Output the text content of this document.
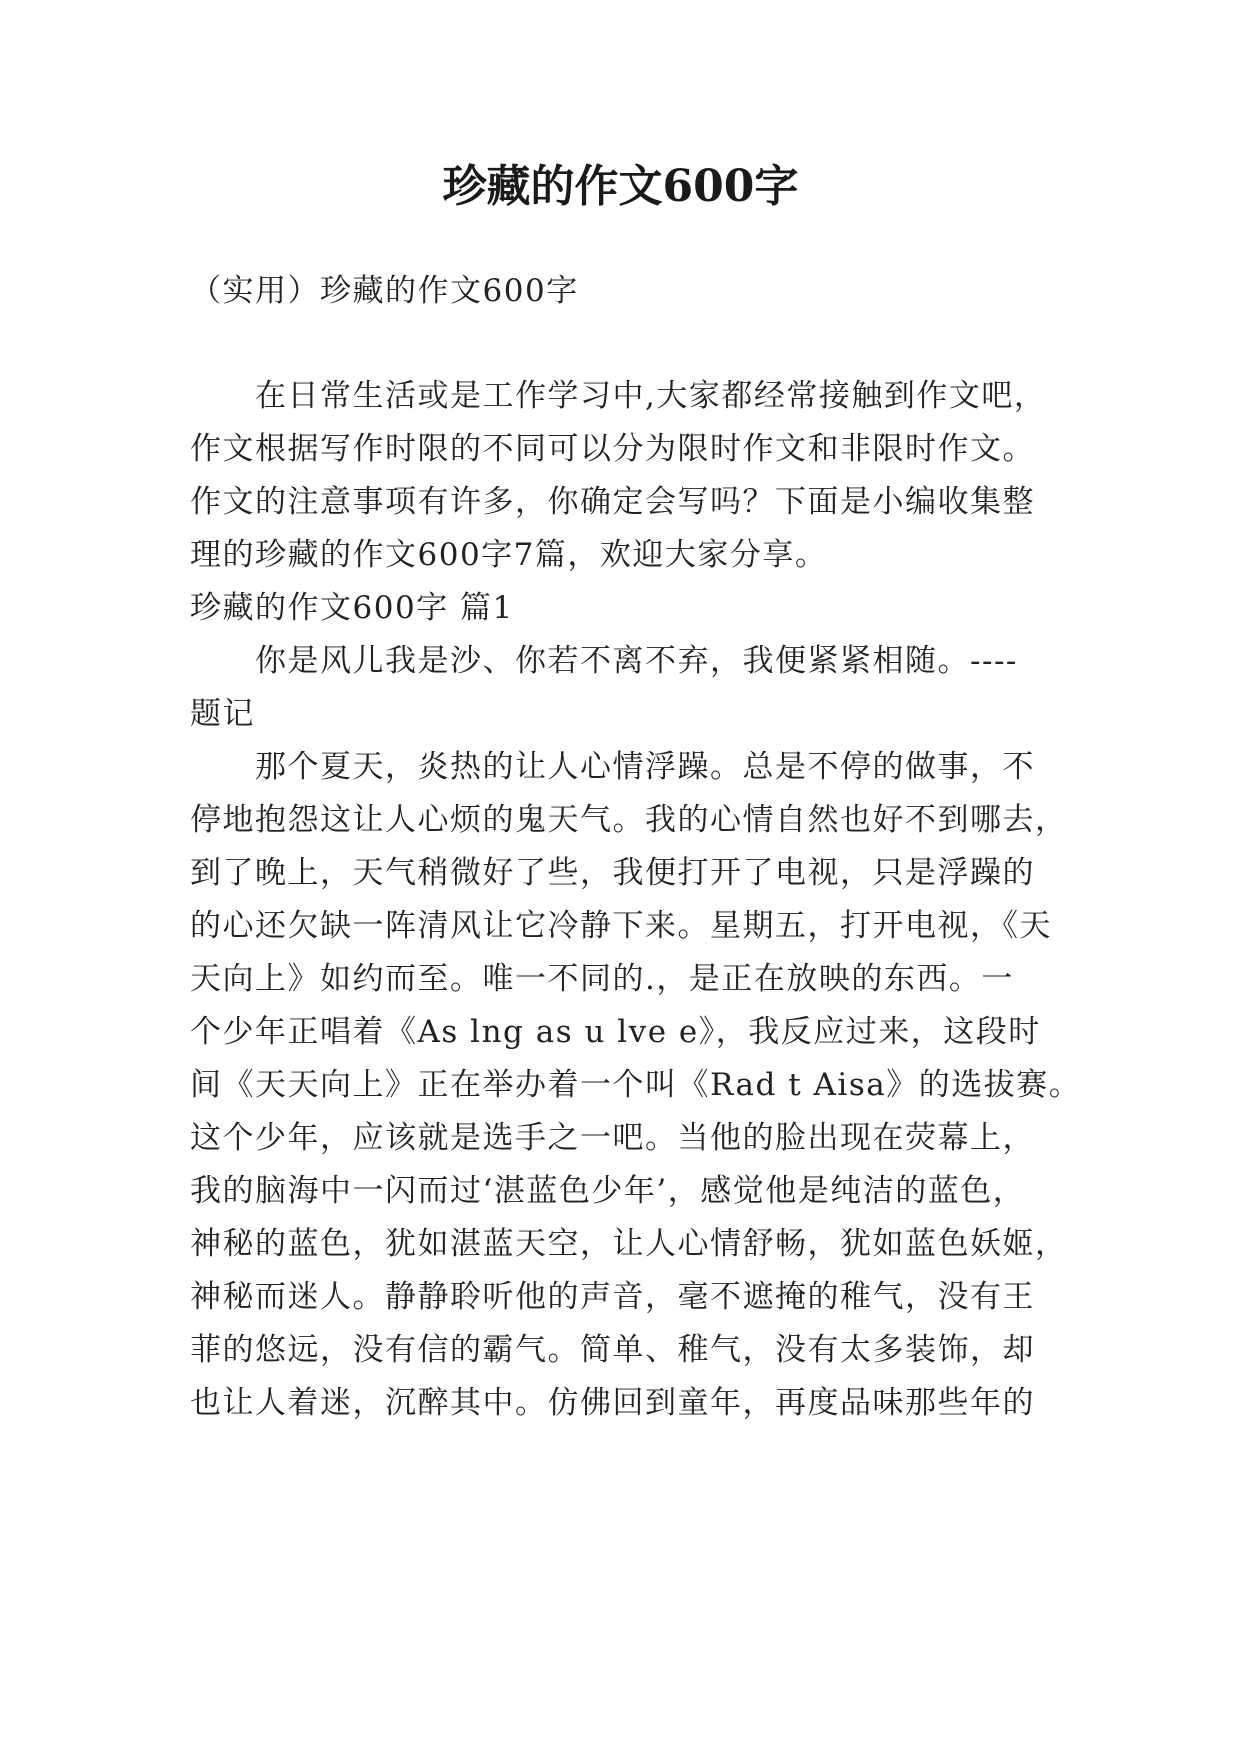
珍藏的作文600字

（实用）珍藏的作文600字

在日常生活或是工作学习中,大家都经常接触到作文吧，

作文根据写作时限的不同可以分为限时作文和非限时作文。

作文的注意事项有许多，你确定会写吗？下面是小编收集整

理的珍藏的作文600字7篇，欢迎大家分享。

珍藏的作文600字 篇1

你是风儿我是沙、你若不离不弃，我便紧紧相随。----

题记

那个夏天，炎热的让人心情浮躁。总是不停的做事，不

停地抱怨这让人心烦的鬼天气。我的心情自然也好不到哪去，

到了晚上，天气稍微好了些，我便打开了电视，只是浮躁的

的心还欠缺一阵清风让它冷静下来。星期五，打开电视，《天

天向上》如约而至。唯一不同的.，是正在放映的东西。一

个少年正唱着《As lng as u lve e》，我反应过来，这段时

间《天天向上》正在举办着一个叫《Rad t Aisa》的选拔赛。

这个少年，应该就是选手之一吧。当他的脸出现在荧幕上，

我的脑海中一闪而过‘湛蓝色少年’，感觉他是纯洁的蓝色，

神秘的蓝色，犹如湛蓝天空，让人心情舒畅，犹如蓝色妖姬，

神秘而迷人。静静聆听他的声音，毫不遮掩的稚气，没有王

菲的悠远，没有信的霸气。简单、稚气，没有太多装饰，却

也让人着迷，沉醉其中。仿佛回到童年，再度品味那些年的
